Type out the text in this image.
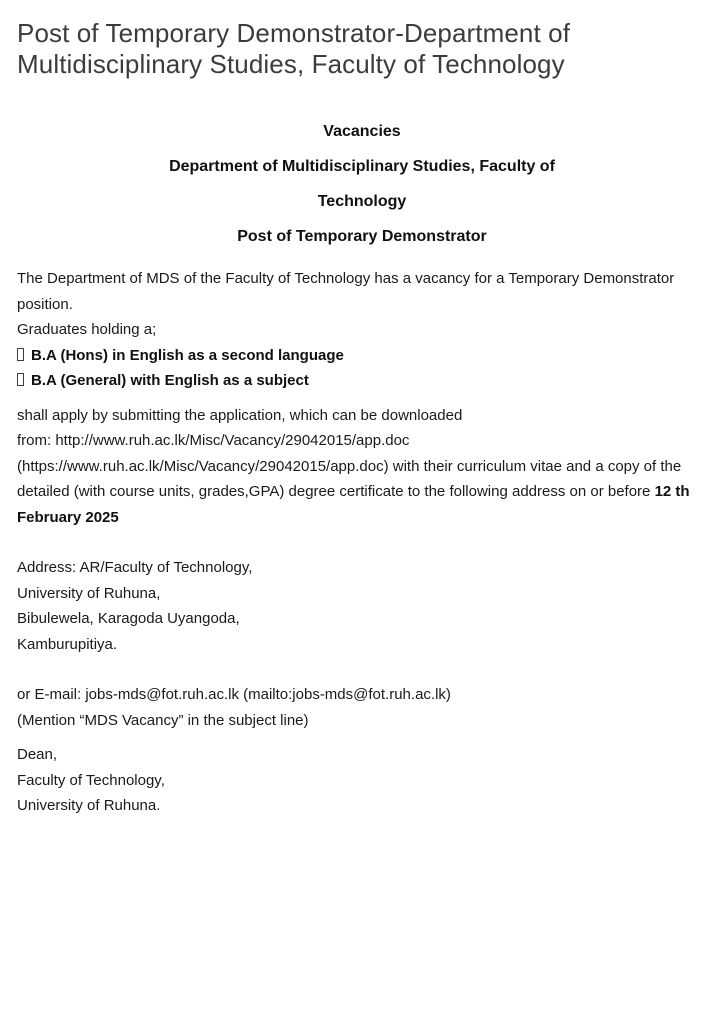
Post of Temporary Demonstrator-Department of Multidisciplinary Studies, Faculty of Technology

Vacancies

Department of Multidisciplinary Studies, Faculty of

Technology

Post of Temporary Demonstrator

The Department of MDS of the Faculty of Technology has a vacancy for a Temporary Demonstrator position.

Graduates holding a;

B.A (Hons) in English as a second language

B.A (General) with English as a subject

shall apply by submitting the application, which can be downloaded

from: http://www.ruh.ac.lk/Misc/Vacancy/29042015/app.doc

(https://www.ruh.ac.lk/Misc/Vacancy/29042015/app.doc) with their curriculum vitae and a copy of the detailed (with course units, grades,GPA) degree certificate to the following address on or before 12 th February 2025

Address: AR/Faculty of Technology,

University of Ruhuna,

Bibulewela, Karagoda Uyangoda,

Kamburupitiya.

or E-mail: jobs-mds@fot.ruh.ac.lk (mailto:jobs-mds@fot.ruh.ac.lk)

(Mention “MDS Vacancy” in the subject line)

Dean,

Faculty of Technology,

University of Ruhuna.
